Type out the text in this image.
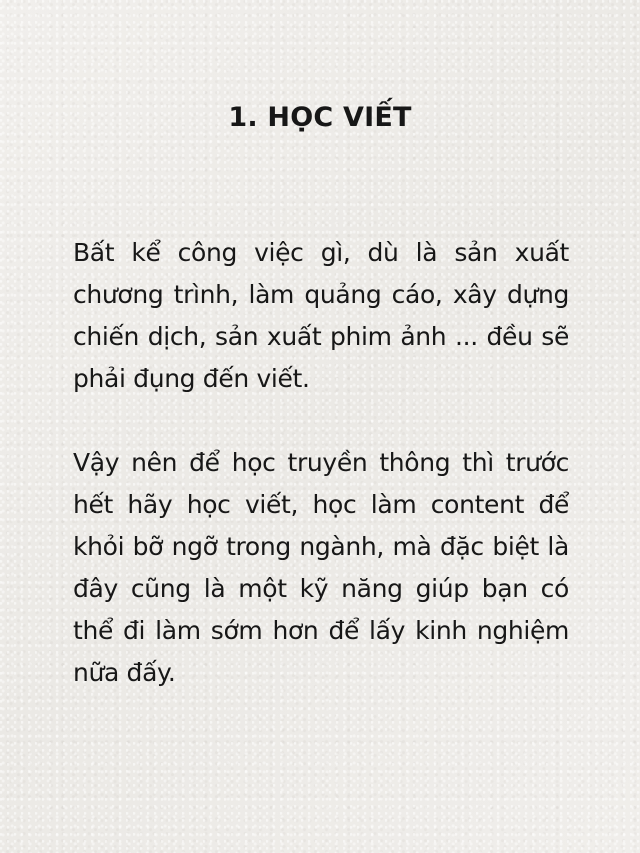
1. HỌC VIẾT

Bất kể công việc gì, dù là sản xuất chương trình, làm quảng cáo, xây dựng chiến dịch, sản xuất phim ảnh ... đều sẽ phải đụng đến viết.

Vậy nên để học truyền thông thì trước hết hãy học viết, học làm content để khỏi bỡ ngỡ trong ngành, mà đặc biệt là đây cũng là một kỹ năng giúp bạn có thể đi làm sớm hơn để lấy kinh nghiệm nữa đấy.
